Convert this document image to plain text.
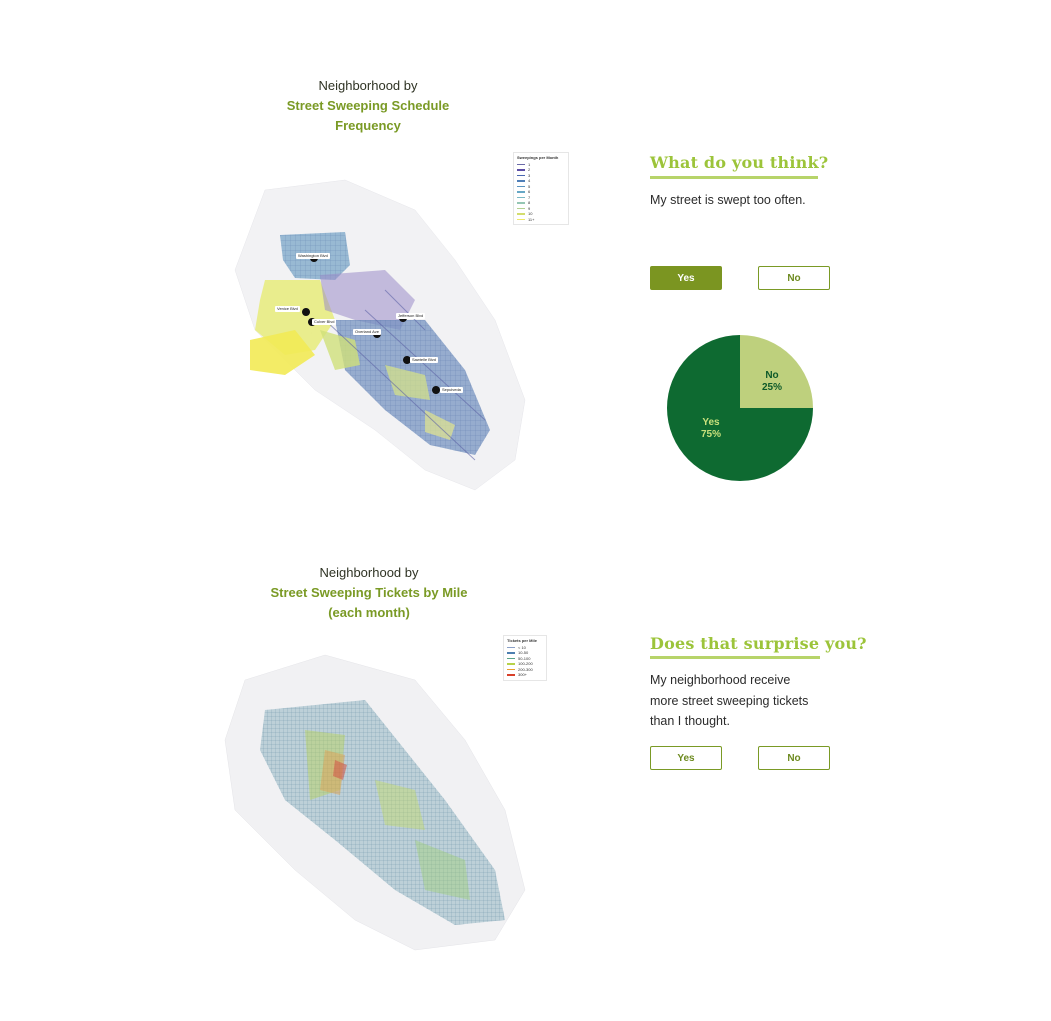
Neighborhood by
Street Sweeping Schedule
Frequency
Washington Blvd
Venice Blvd
Culver Blvd
Overland Ave
Jefferson Blvd
Sawtelle Blvd
Sepulveda
Sweepings per Month
1
2
3
4
5
6
7
8
9
10
11+
What do you think?
My street is swept too often.
Yes	No
No
25%
Yes
75%
Neighborhood by
Street Sweeping Tickets by Mile
(each month)
Tickets per Mile
< 10
10-50
50-100
100-200
200-300
300+
Does that surprise you?
My neighborhood receive
more street sweeping tickets
than I thought.
Yes	No
